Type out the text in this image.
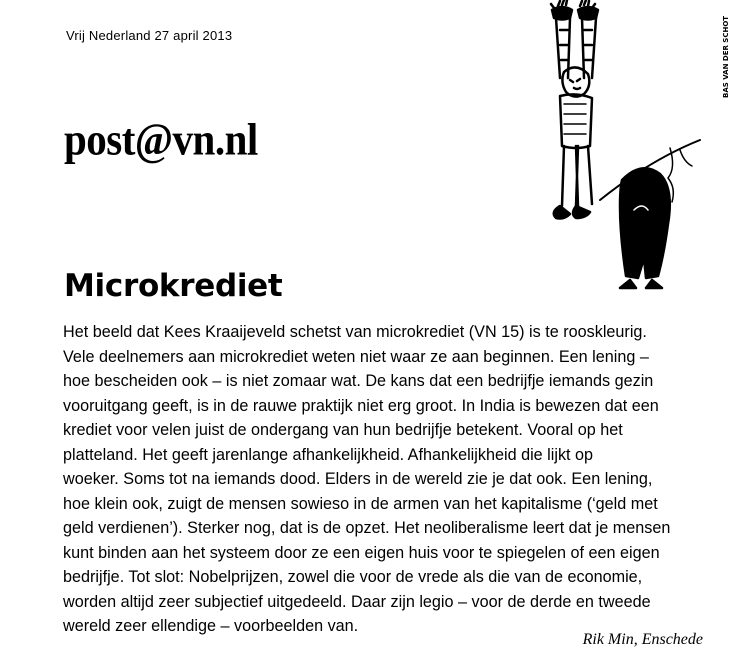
Vrij Nederland 27 april 2013
post@vn.nl
BAS VAN DER SCHOT
Microkrediet

Het beeld dat Kees Kraaijeveld schetst van microkrediet (VN 15) is te rooskleurig.
Vele deelnemers aan microkrediet weten niet waar ze aan beginnen. Een lening –
hoe bescheiden ook – is niet zomaar wat. De kans dat een bedrijfje iemands gezin
vooruitgang geeft, is in de rauwe praktijk niet erg groot. In India is bewezen dat een
krediet voor velen juist de ondergang van hun bedrijfje betekent. Vooral op het
platteland. Het geeft jarenlange afhankelijkheid. Afhankelijkheid die lijkt op
woeker. Soms tot na iemands dood. Elders in de wereld zie je dat ook. Een lening,
hoe klein ook, zuigt de mensen sowieso in de armen van het kapitalisme (‘geld met
geld verdienen’). Sterker nog, dat is de opzet. Het neoliberalisme leert dat je mensen
kunt binden aan het systeem door ze een eigen huis voor te spiegelen of een eigen
bedrijfje. Tot slot: Nobelprijzen, zowel die voor de vrede als die van de economie,
worden altijd zeer subjectief uitgedeeld. Daar zijn legio – voor de derde en tweede
wereld zeer ellendige – voorbeelden van.

Rik Min, Enschede
